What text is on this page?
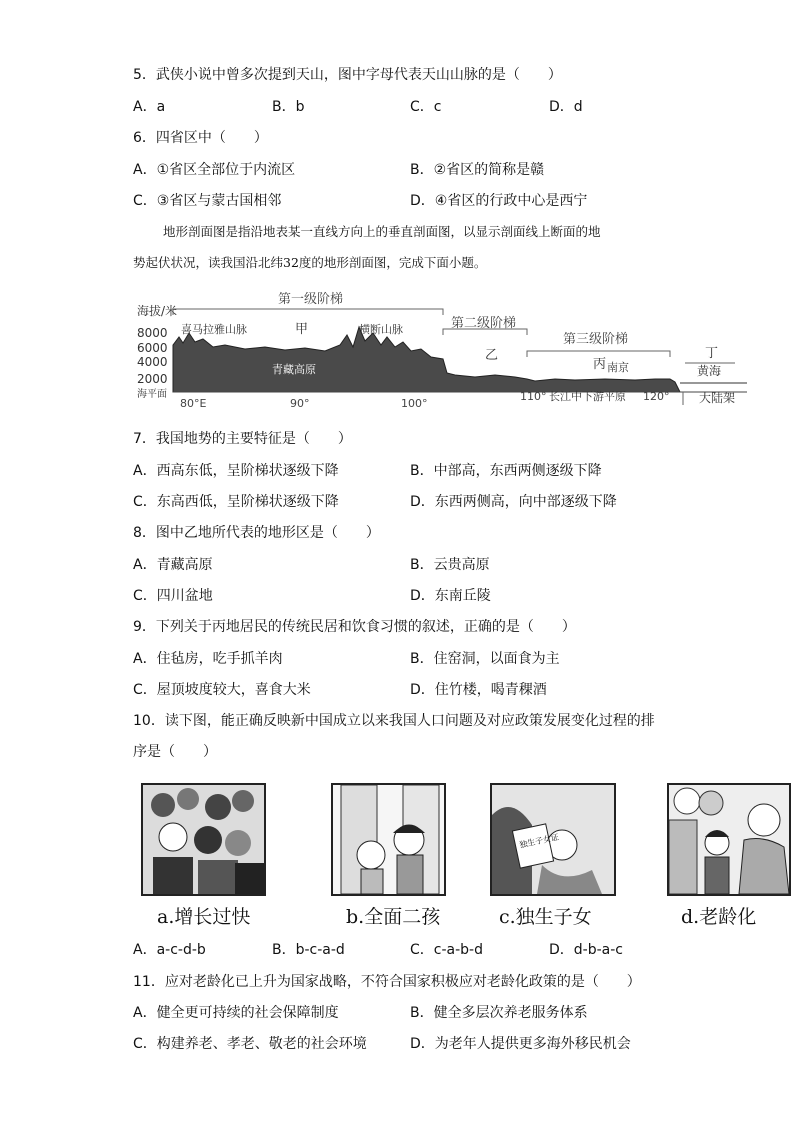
5．武侠小说中曾多次提到天山，图中字母代表天山山脉的是（　　）
A．a	B．b	C．c	D．d
6．四省区中（　　）
A．①省区全部位于内流区	B．②省区的简称是赣
C．③省区与蒙古国相邻	D．④省区的行政中心是西宁
地形剖面图是指沿地表某一直线方向上的垂直剖面图，以显示剖面线上断面的地
势起伏状况，读我国沿北纬32度的地形剖面图，完成下面小题。
海拔/米
8000
6000
4000
2000
海平面
80°E	90°	100°
110°	120°
第一级阶梯
第二级阶梯
第三级阶梯
喜马拉雅山脉	甲	横断山脉
青藏高原
乙
丙 南京
丁
黄海
长江中下游平原	大陆架
7．我国地势的主要特征是（　　）
A．西高东低，呈阶梯状逐级下降	B．中部高，东西两侧逐级下降
C．东高西低，呈阶梯状逐级下降	D．东西两侧高，向中部逐级下降
8．图中乙地所代表的地形区是（　　）
A．青藏高原	B．云贵高原
C．四川盆地	D．东南丘陵
9．下列关于丙地居民的传统民居和饮食习惯的叙述，正确的是（　　）
A．住毡房，吃手抓羊肉	B．住窑洞，以面食为主
C．屋顶坡度较大，喜食大米	D．住竹楼，喝青稞酒
10．读下图，能正确反映新中国成立以来我国人口问题及对应政策发展变化过程的排
序是（　　）
独生子女证
a.增长过快	b.全面二孩	c.独生子女	d.老龄化
A．a-c-d-b	B．b-c-a-d	C．c-a-b-d	D．d-b-a-c
11．应对老龄化已上升为国家战略，不符合国家积极应对老龄化政策的是（　　）
A．健全更可持续的社会保障制度	B．健全多层次养老服务体系
C．构建养老、孝老、敬老的社会环境	D．为老年人提供更多海外移民机会
